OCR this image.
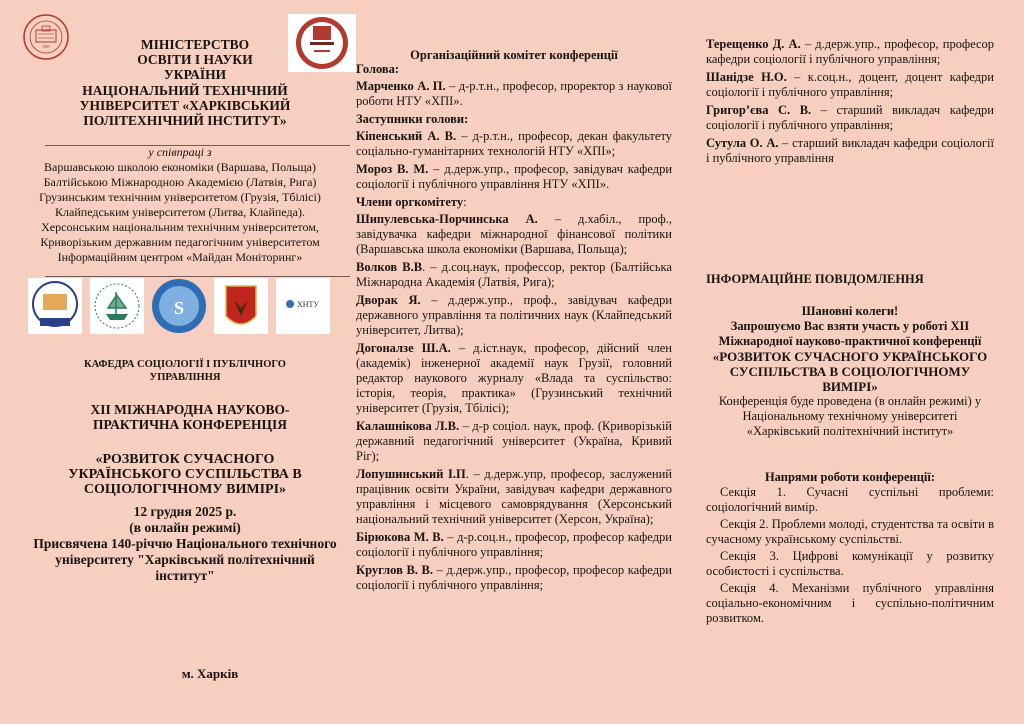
1885	МІНІСТЕРСТВО ОСВІТИ І НАУКИ УКРАЇНИ
НАЦІОНАЛЬНИЙ ТЕХНІЧНИЙ УНІВЕРСИТЕТ «ХАРКІВСЬКИЙ ПОЛІТЕХНІЧНИЙ ІНСТИТУТ»
у співпраці з
Варшавською школою економіки (Варшава, Польща)
Балтійською Міжнародною Академією (Латвія, Рига)
Грузинським технічним університетом (Грузія, Тбілісі)
Клайпедським університетом (Литва, Клайпеда).
Херсонським національним технічним університетом,
Криворізьким державним педагогічним університетом
Інформаційним центром «Майдан Моніторинг»
S	ХНТУ
КАФЕДРА СОЦІОЛОГІЇ І ПУБЛІЧНОГО УПРАВЛІННЯ
ХІІ МІЖНАРОДНА НАУКОВО-ПРАКТИЧНА КОНФЕРЕНЦІЯ
«РОЗВИТОК СУЧАСНОГО УКРАЇНСЬКОГО СУСПІЛЬСТВА В СОЦІОЛОГІЧНОМУ ВИМІРІ»
12 грудня 2025 р.
(в онлайн режимі)
Присвячена 140-річчю Національного технічного університету "Харківський політехнічний інститут"
м. Харків
Організаційний комітет конференції
Голова:

Марченко А. П. – д-р.т.н., професор, проректор з наукової роботи НТУ «ХПІ».

Заступники голови:

Кіпенський А. В. – д-р.т.н., професор, декан факультету соціально-гуманітарних технологій НТУ «ХПІ»;

Мороз В. М. – д.держ.упр., професор, завідувач кафедри соціології і публічного управління НТУ «ХПІ».

Члени оргкомітету:

Шипулевська-Порчинська А. – д.хабіл., проф., завідувачка кафедри міжнародної фінансової політики (Варшавська школа економіки (Варшава, Польща);

Волков В.В. – д.соц.наук, профессор, ректор (Балтійська Міжнародна Академія (Латвія, Рига);

Дворак Я. – д.держ.упр., проф., завідувач кафедри державного управління та політичних наук (Клайпедський університет, Литва);

Догоналзе Ш.А. – д.іст.наук, професор, дійсний член (академік) інженерної академії наук Грузії, головний редактор наукового журналу «Влада та суспільство: історія, теорія, практика» (Грузинський технічний університет (Грузія, Тбілісі);

Калашнікова Л.В. – д-р соціол. наук, проф. (Криворізькій державний педагогічний університет (Україна, Кривий Ріг);

Лопушинський І.П. – д.держ.упр, професор, заслужений працівник освіти України, завідувач кафедри державного управління і місцевого самоврядування (Херсонський національний технічний університет (Херсон, Україна);

Бірюкова М. В. – д-р.соц.н., професор, професор кафедри соціології і публічного управління;

Круглов В. В. – д.держ.упр., професор, професор кафедри соціології і публічного управління;

Терещенко Д. А. – д.держ.упр., професор, професор кафедри соціології і публічного управління;

Шанідзе Н.О. – к.соц.н., доцент, доцент кафедри соціології і публічного управління;

Григор’єва С. В. – старший викладач кафедри соціології і публічного управління;

Сутула О. А. – старший викладач кафедри соціології і публічного управління

ІНФОРМАЦІЙНЕ ПОВІДОМЛЕННЯ
Шановні колеги!
Запрошуємо Вас взяти участь у роботі ХІІ Міжнародної науково-практичної конференції
«РОЗВИТОК СУЧАСНОГО УКРАЇНСЬКОГО СУСПІЛЬСТВА В СОЦІОЛОГІЧНОМУ ВИМІРІ»
Конференція буде проведена (в онлайн режимі) у Національному технічному університеті «Харківський політехнічний інститут»
Напрями роботи конференції:

Секція 1. Сучасні суспільні проблеми: соціологічний вимір.

Секція 2. Проблеми молоді, студентства та освіти в сучасному українському суспільстві.

Секція 3. Цифрові комунікації у розвитку особистості і суспільства.

Секція 4. Механізми публічного управління соціально-економічним і суспільно-політичним розвитком.
